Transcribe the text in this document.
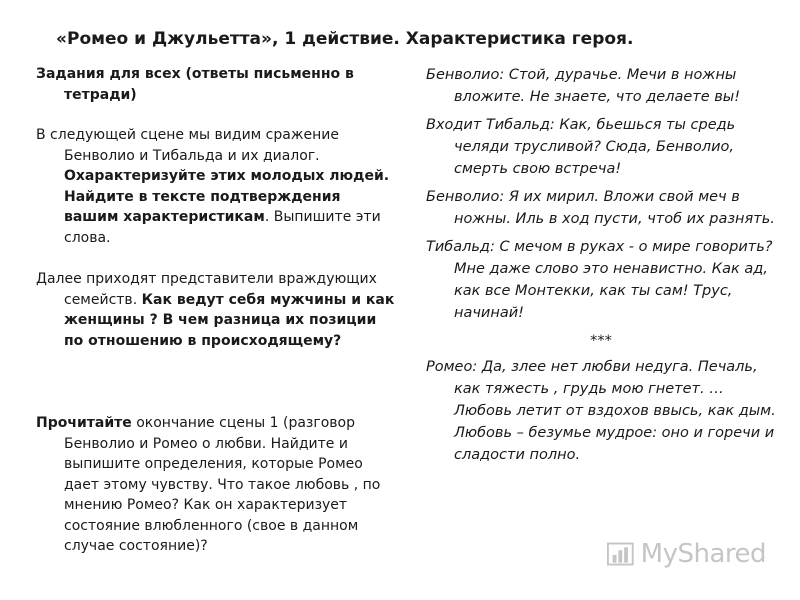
«Ромео и Джульетта», 1 действие. Характеристика героя.

Задания для всех (ответы письменно в тетради)

В следующей сцене мы видим сражение Бенволио и Тибальда и их диалог. Охарактеризуйте этих молодых людей. Найдите в тексте подтверждения вашим характеристикам. Выпишите эти слова.

Далее приходят представители враждующих семейств. Как ведут себя мужчины и как женщины ? В чем разница их позиции по отношению в происходящему?

Прочитайте окончание сцены 1 (разговор Бенволио и Ромео о любви. Найдите и выпишите определения, которые Ромео дает этому чувству. Что такое любовь , по мнению Ромео? Как он характеризует состояние влюбленного (свое в данном случае состояние)?

Бенволио: Стой, дурачье. Мечи в ножны вложите. Не знаете, что делаете вы!

Входит Тибальд: Как, бьешься ты средь челяди трусливой? Сюда, Бенволио, смерть свою встреча!

Бенволио: Я их мирил. Вложи свой меч в ножны. Иль в ход пусти, чтоб их разнять.

Тибальд: С мечом в руках - о мире говорить? Мне даже слово это ненавистно. Как ад, как все Монтекки, как ты сам! Трус, начинай!

***

Ромео: Да, злее нет любви недуга. Печаль, как тяжесть , грудь мою гнетет. …Любовь летит от вздохов ввысь, как дым. Любовь – безумье мудрое: оно и горечи и сладости полно.

MyShared
